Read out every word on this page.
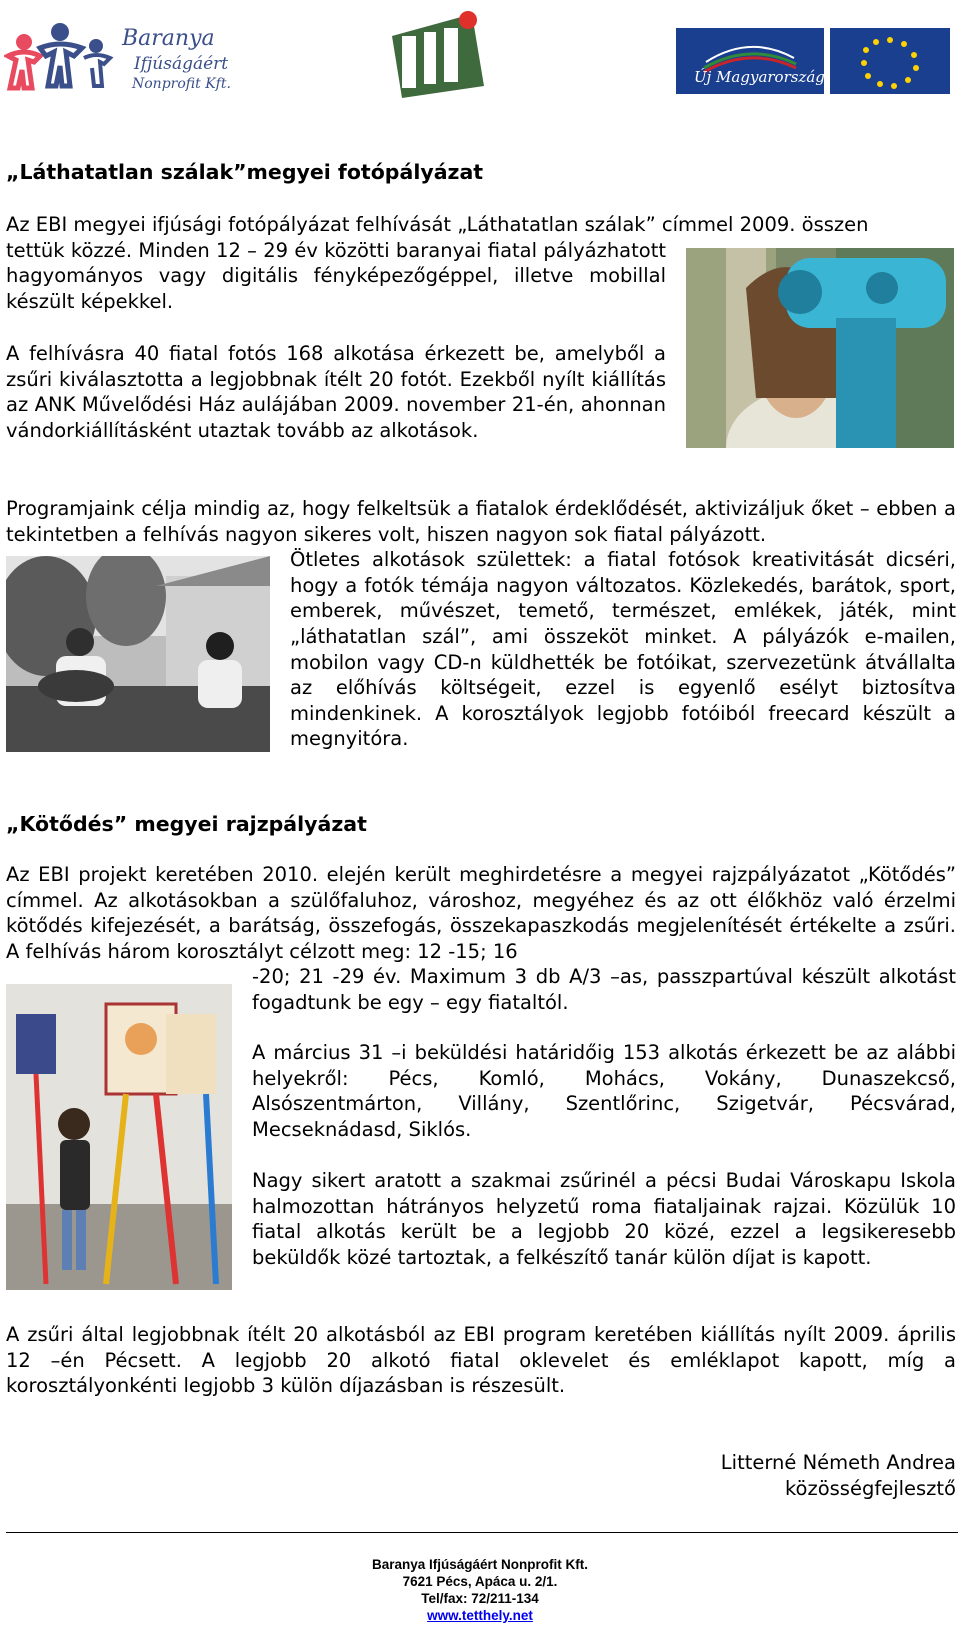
Baranya
Ifjúságáért
Nonprofit Kft.	Új Magyarország
„Láthatatlan szálak”megyei fotópályázat
Az EBI megyei ifjúsági fotópályázat felhívását „Láthatatlan szálak” címmel 2009. összen
tettük közzé. Minden 12 – 29 év közötti baranyai fiatal pályázhatott hagyományos vagy digitális fényképezőgéppel, illetve mobillal készült képekkel.
A felhívásra 40 fiatal fotós 168 alkotása érkezett be, amelyből a zsűri kiválasztotta a legjobbnak ítélt 20 fotót. Ezekből nyílt kiállítás az ANK Művelődési Ház aulájában 2009. november 21-én, ahonnan vándorkiállításként utaztak tovább az alkotások.
Programjaink célja mindig az, hogy felkeltsük a fiatalok érdeklődését, aktivizáljuk őket – ebben a tekintetben a felhívás nagyon sikeres volt, hiszen nagyon sok fiatal pályázott.
Ötletes alkotások születtek: a fiatal fotósok kreativitását dicséri, hogy a fotók témája nagyon változatos. Közlekedés, barátok, sport, emberek, művészet, temető, természet, emlékek, játék, mint „láthatatlan szál”, ami összeköt minket. A pályázók e-mailen, mobilon vagy CD-n küldhették be fotóikat, szervezetünk átvállalta az előhívás költségeit, ezzel is egyenlő esélyt biztosítva mindenkinek. A korosztályok legjobb fotóiból freecard készült a megnyitóra.
„Kötődés” megyei rajzpályázat
Az EBI projekt keretében 2010. elején került meghirdetésre a megyei rajzpályázatot „Kötődés” címmel. Az alkotásokban a szülőfaluhoz, városhoz, megyéhez és az ott élőkhöz való érzelmi kötődés kifejezését, a barátság, összefogás, összekapaszkodás megjelenítését értékelte a zsűri. A felhívás három korosztályt célzott meg: 12 -15; 16
-20; 21 -29 év. Maximum 3 db A/3 –as, passzpartúval készült alkotást fogadtunk be egy – egy fiataltól.
A március 31 –i beküldési határidőig 153 alkotás érkezett be az alábbi helyekről: Pécs, Komló, Mohács, Vokány, Dunaszekcső, Alsószentmárton, Villány, Szentlőrinc, Szigetvár, Pécsvárad, Mecseknádasd, Siklós.
Nagy sikert aratott a szakmai zsűrinél a pécsi Budai Városkapu Iskola halmozottan hátrányos helyzetű roma fiataljainak rajzai. Közülük 10 fiatal alkotás került be a legjobb 20 közé, ezzel a legsikeresebb beküldők közé tartoztak, a felkészítő tanár külön díjat is kapott.
A zsűri által legjobbnak ítélt 20 alkotásból az EBI program keretében kiállítás nyílt 2009. április 12 –én Pécsett. A legjobb 20 alkotó fiatal oklevelet és emléklapot kapott, míg a korosztályonkénti legjobb 3 külön díjazásban is részesült.
Litterné Németh Andrea
közösségfejlesztő
Baranya Ifjúságáért Nonprofit Kft.
7621 Pécs, Apáca u. 2/1.
Tel/fax: 72/211-134
www.tetthely.net
